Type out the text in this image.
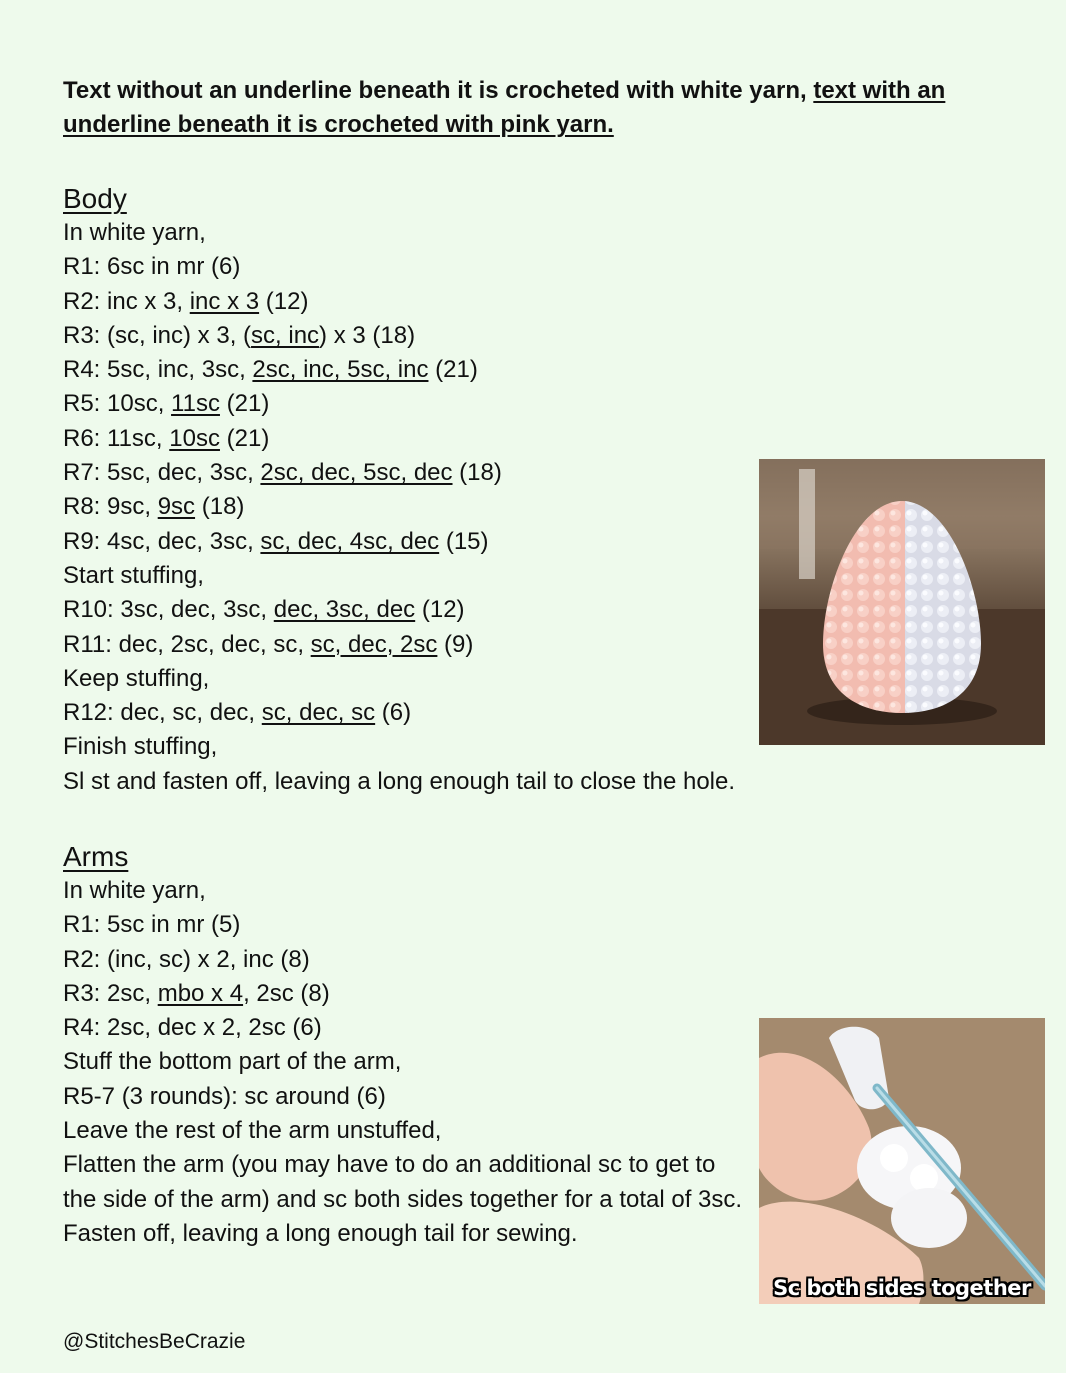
Text without an underline beneath it is crocheted with white yarn, text with an underline beneath it is crocheted with pink yarn.

Body
In white yarn,
R1: 6sc in mr (6)
R2: inc x 3, inc x 3 (12)
R3: (sc, inc) x 3, (sc, inc) x 3 (18)
R4: 5sc, inc, 3sc, 2sc, inc, 5sc, inc (21)
R5: 10sc, 11sc (21)
R6: 11sc, 10sc (21)
R7: 5sc, dec, 3sc, 2sc, dec, 5sc, dec (18)
R8: 9sc, 9sc (18)
R9: 4sc, dec, 3sc, sc, dec, 4sc, dec (15)
Start stuffing,
R10: 3sc, dec, 3sc, dec, 3sc, dec (12)
R11: dec, 2sc, dec, sc, sc, dec, 2sc (9)
Keep stuffing,
R12: dec, sc, dec, sc, dec, sc (6)
Finish stuffing,
Sl st and fasten off, leaving a long enough tail to close the hole.
Arms
In white yarn,
R1: 5sc in mr (5)
R2: (inc, sc) x 2, inc (8)
R3: 2sc, mbo x 4, 2sc (8)
R4: 2sc, dec x 2, 2sc (6)
Stuff the bottom part of the arm,
R5-7 (3 rounds): sc around (6)
Leave the rest of the arm unstuffed,
Flatten the arm (you may have to do an additional sc to get to the side of the arm) and sc both sides together for a total of 3sc.
Fasten off, leaving a long enough tail for sewing.
Sc both sides together
@StitchesBeCrazie
